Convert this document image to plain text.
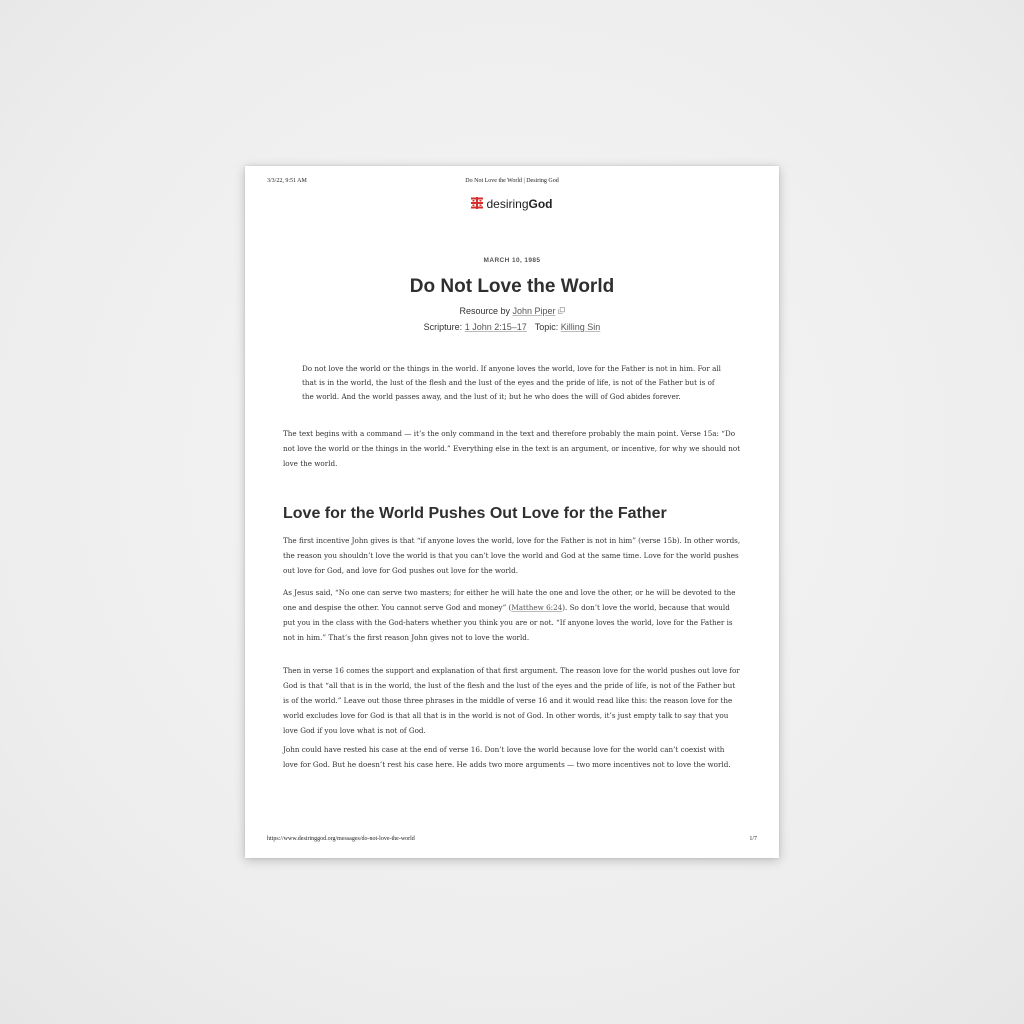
3/3/22, 9:51 AM	Do Not Love the World | Desiring God
desiringGod
MARCH 10, 1985
Do Not Love the World
Resource by John Piper
Scripture: 1 John 2:15–17 Topic: Killing Sin
Do not love the world or the things in the world. If anyone loves the world, love for the Father is not in him. For all that is in the world, the lust of the flesh and the lust of the eyes and the pride of life, is not of the Father but is of the world. And the world passes away, and the lust of it; but he who does the will of God abides forever.

The text begins with a command — it’s the only command in the text and therefore probably the main point. Verse 15a: “Do not love the world or the things in the world.” Everything else in the text is an argument, or incentive, for why we should not love the world.

Love for the World Pushes Out Love for the Father

The first incentive John gives is that “if anyone loves the world, love for the Father is not in him” (verse 15b). In other words, the reason you shouldn’t love the world is that you can’t love the world and God at the same time. Love for the world pushes out love for God, and love for God pushes out love for the world.

As Jesus said, “No one can serve two masters; for either he will hate the one and love the other, or he will be devoted to the one and despise the other. You cannot serve God and money” (Matthew 6:24). So don’t love the world, because that would put you in the class with the God-haters whether you think you are or not. “If anyone loves the world, love for the Father is not in him.” That’s the first reason John gives not to love the world.

Then in verse 16 comes the support and explanation of that first argument. The reason love for the world pushes out love for God is that “all that is in the world, the lust of the flesh and the lust of the eyes and the pride of life, is not of the Father but is of the world.” Leave out those three phrases in the middle of verse 16 and it would read like this: the reason love for the world excludes love for God is that all that is in the world is not of God. In other words, it’s just empty talk to say that you love God if you love what is not of God.

John could have rested his case at the end of verse 16. Don’t love the world because love for the world can’t coexist with love for God. But he doesn’t rest his case here. He adds two more arguments — two more incentives not to love the world.

https://www.desiringgod.org/messages/do-not-love-the-world	1/7
